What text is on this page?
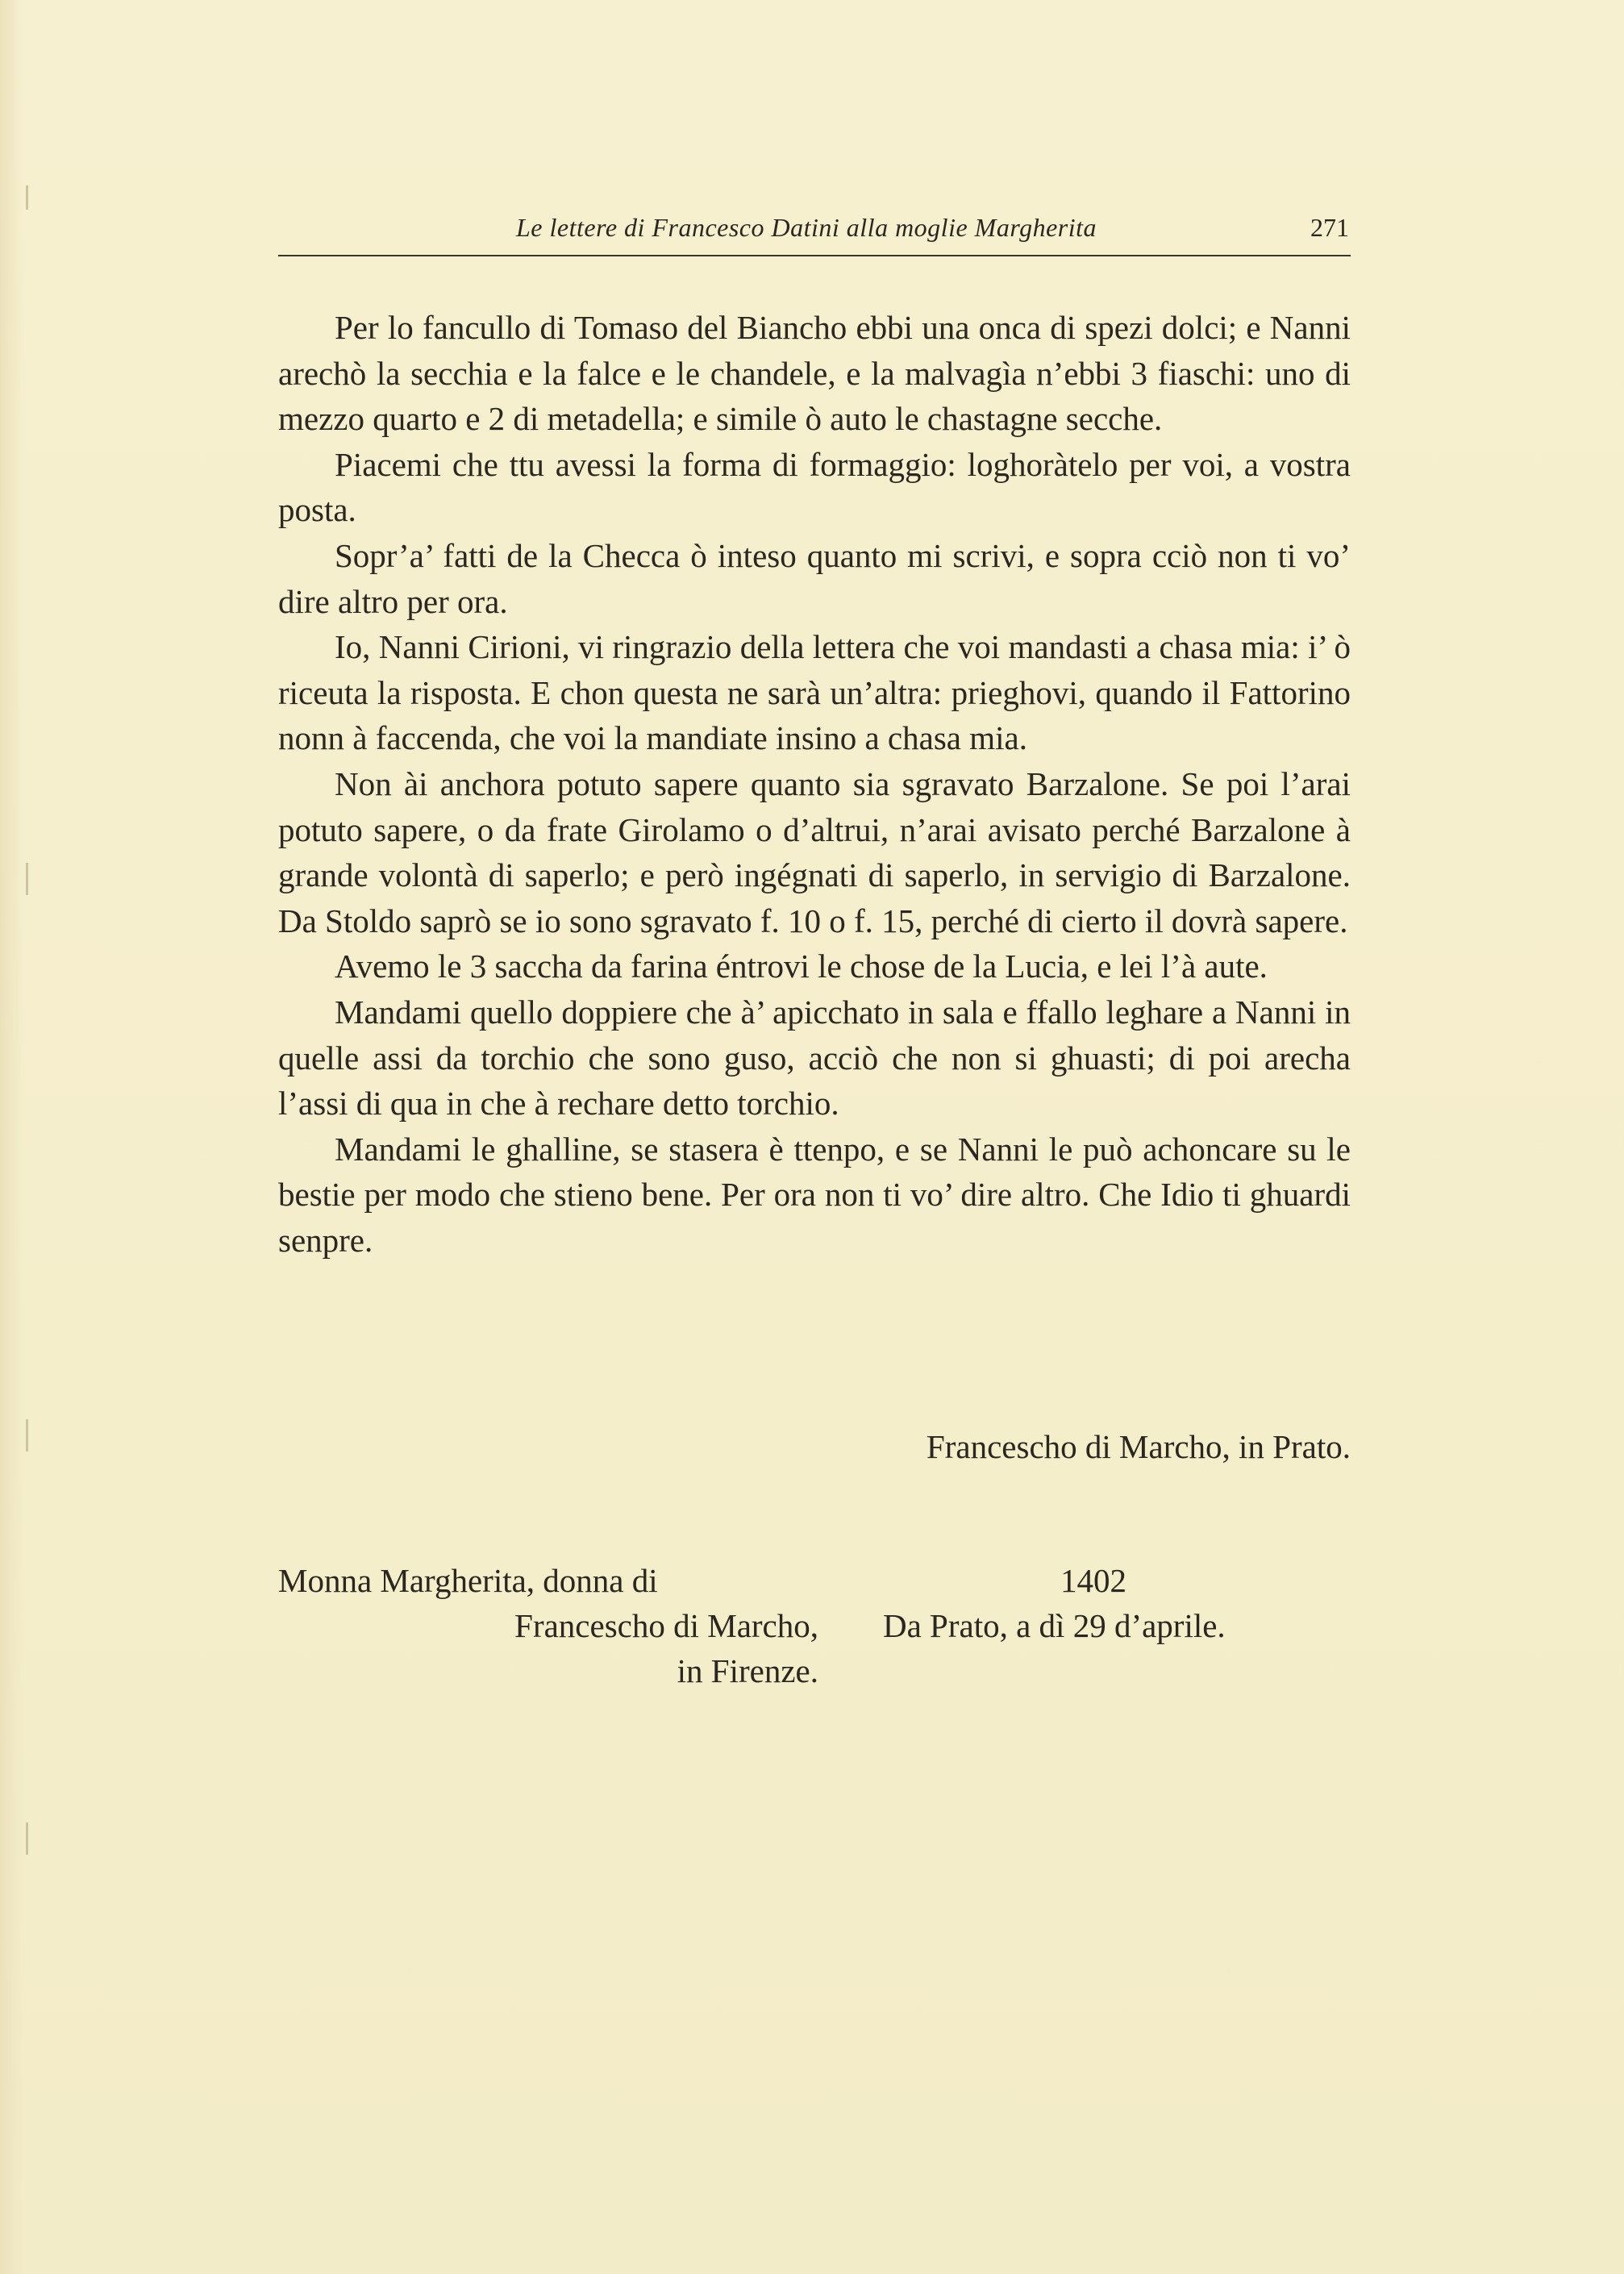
Le lettere di Francesco Datini alla moglie Margherita	271

Per lo fancullo di Tomaso del Biancho ebbi una onca di spezi dolci; e Nanni arechò la secchia e la falce e le chandele, e la malvagìa n’ebbi 3 fiaschi: uno di mezzo quarto e 2 di metadella; e simile ò auto le chastagne secche.

Piacemi che ttu avessi la forma di formaggio: loghoràtelo per voi, a vostra posta.

Sopr’a’ fatti de la Checca ò inteso quanto mi scrivi, e sopra cciò non ti vo’ dire altro per ora.

Io, Nanni Cirioni, vi ringrazio della lettera che voi mandasti a chasa mia: i’ ò riceuta la risposta. E chon questa ne sarà un’altra: prieghovi, quando il Fattorino nonn à faccenda, che voi la mandiate insino a chasa mia.

Non ài anchora potuto sapere quanto sia sgravato Barzalone. Se poi l’arai potuto sapere, o da frate Girolamo o d’altrui, n’arai avisato perché Barzalone à grande volontà di saperlo; e però ingégnati di saperlo, in servigio di Barzalone. Da Stoldo saprò se io sono sgravato f. 10 o f. 15, perché di cierto il dovrà sapere.

Avemo le 3 saccha da farina éntrovi le chose de la Lucia, e lei l’à aute.

Mandami quello doppiere che à’ apicchato in sala e ffallo leghare a Nanni in quelle assi da torchio che sono guso, acciò che non si ghuasti; di poi arecha l’assi di qua in che à rechare detto torchio.

Mandami le ghalline, se stasera è ttenpo, e se Nanni le può achoncare su le bestie per modo che stieno bene. Per ora non ti vo’ dire altro. Che Idio ti ghuardi senpre.

Francescho di Marcho, in Prato.
Monna Margherita, donna di
Francescho di Marcho,
in Firenze.
1402
Da Prato, a dì 29 d’aprile.
